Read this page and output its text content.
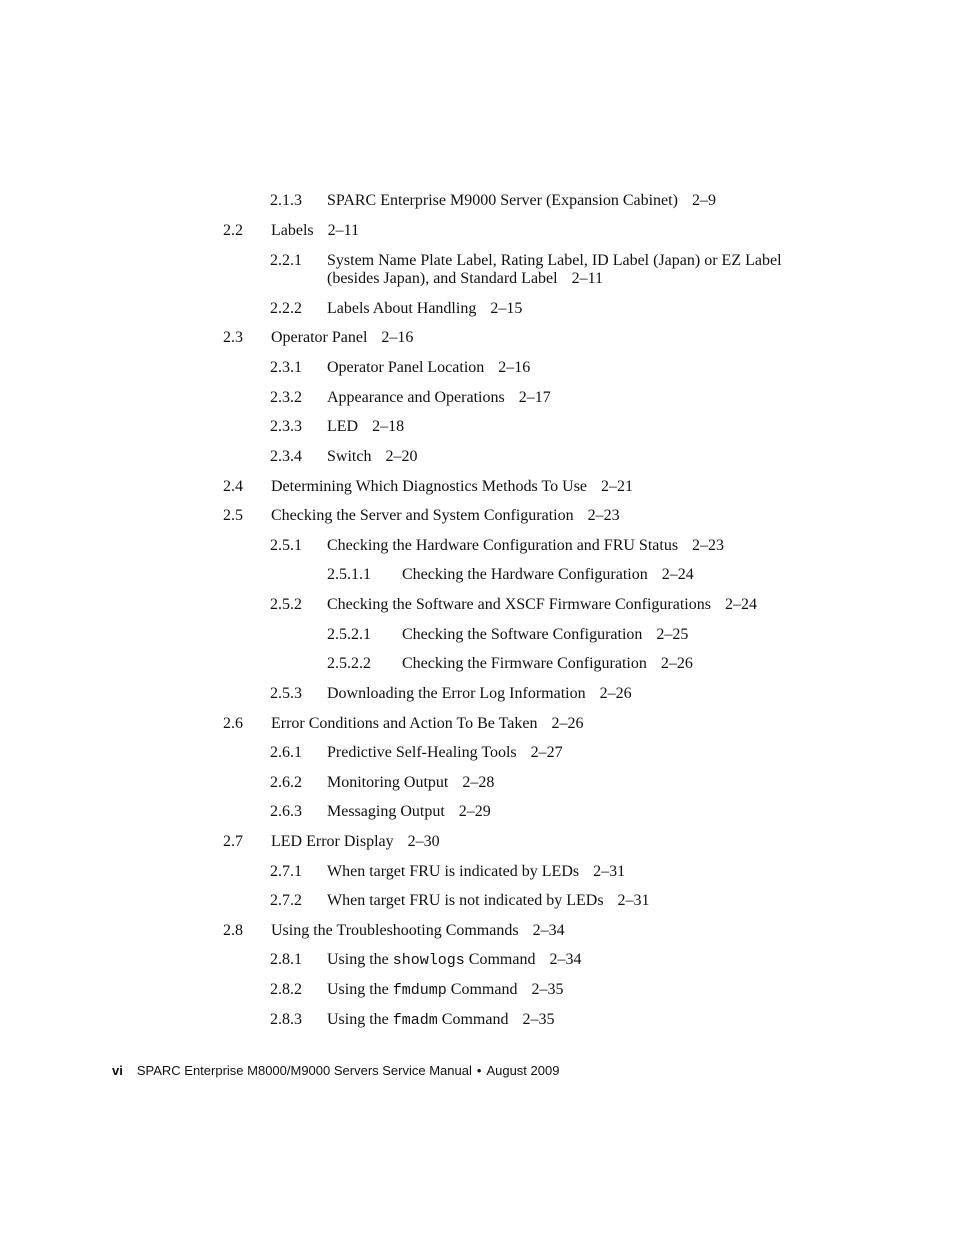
2.1.3 SPARC Enterprise M9000 Server (Expansion Cabinet) 2–9
2.2 Labels 2–11
2.2.1 System Name Plate Label, Rating Label, ID Label (Japan) or EZ Label (besides Japan), and Standard Label 2–11
2.2.2 Labels About Handling 2–15
2.3 Operator Panel 2–16
2.3.1 Operator Panel Location 2–16
2.3.2 Appearance and Operations 2–17
2.3.3 LED 2–18
2.3.4 Switch 2–20
2.4 Determining Which Diagnostics Methods To Use 2–21
2.5 Checking the Server and System Configuration 2–23
2.5.1 Checking the Hardware Configuration and FRU Status 2–23
2.5.1.1 Checking the Hardware Configuration 2–24
2.5.2 Checking the Software and XSCF Firmware Configurations 2–24
2.5.2.1 Checking the Software Configuration 2–25
2.5.2.2 Checking the Firmware Configuration 2–26
2.5.3 Downloading the Error Log Information 2–26
2.6 Error Conditions and Action To Be Taken 2–26
2.6.1 Predictive Self-Healing Tools 2–27
2.6.2 Monitoring Output 2–28
2.6.3 Messaging Output 2–29
2.7 LED Error Display 2–30
2.7.1 When target FRU is indicated by LEDs 2–31
2.7.2 When target FRU is not indicated by LEDs 2–31
2.8 Using the Troubleshooting Commands 2–34
2.8.1 Using the showlogs Command 2–34
2.8.2 Using the fmdump Command 2–35
2.8.3 Using the fmadm Command 2–35
vi SPARC Enterprise M8000/M9000 Servers Service Manual • August 2009
